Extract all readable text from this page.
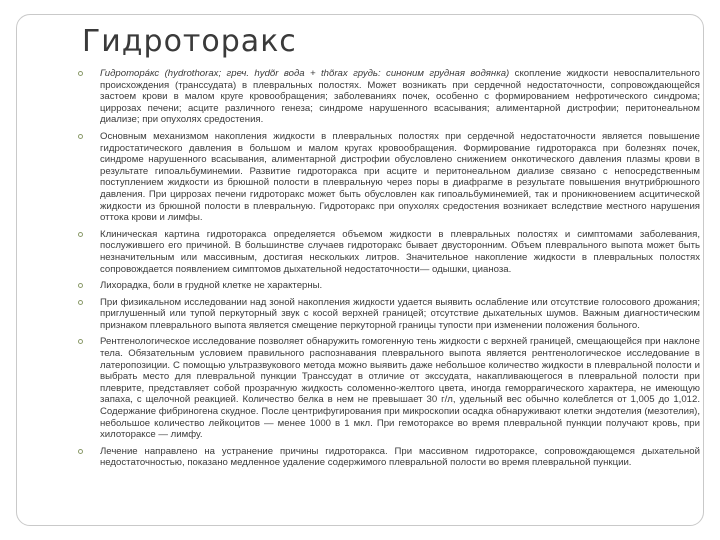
Гидроторакс
Гидроторáкс (hydrothorax; греч. hydõr вода + thõrax грудь: синоним грудная водянка) скопление жидкости невоспалительного происхождения (транссудата) в плевральных полостях. Может возникать при сердечной недостаточности, сопровождающейся застоем крови в малом круге кровообращения; заболеваниях почек, особенно с формированием нефротического синдрома; циррозах печени; асците различного генеза; синдроме нарушенного всасывания; алиментарной дистрофии; перитонеальном диализе; при опухолях средостения.
Основным механизмом накопления жидкости в плевральных полостях при сердечной недостаточности является повышение гидростатического давления в большом и малом кругах кровообращения. Формирование гидроторакса при болезнях почек, синдроме нарушенного всасывания, алиментарной дистрофии обусловлено снижением онкотического давления плазмы крови в результате гипоальбуминемии. Развитие гидроторакса при асците и перитонеальном диализе связано с непосредственным поступлением жидкости из брюшной полости в плевральную через поры в диафрагме в результате повышения внутрибрюшного давления. При циррозах печени гидроторакс может быть обусловлен как гипоальбуминемией, так и проникновением асцитической жидкости из брюшной полости в плевральную. Гидроторакс при опухолях средостения возникает вследствие местного нарушения оттока крови и лимфы.
Клиническая картина гидроторакса определяется объемом жидкости в плевральных полостях и симптомами заболевания, послужившего его причиной. В большинстве случаев гидроторакс бывает двусторонним. Объем плеврального выпота может быть незначительным или массивным, достигая нескольких литров. Значительное накопление жидкости в плевральных полостях сопровождается появлением симптомов дыхательной недостаточности— одышки, цианоза.
Лихорадка, боли в грудной клетке не характерны.
При физикальном исследовании над зоной накопления жидкости удается выявить ослабление или отсутствие голосового дрожания; приглушенный или тупой перкуторный звук с косой верхней границей; отсутствие дыхательных шумов. Важным диагностическим признаком плеврального выпота является смещение перкуторной границы тупости при изменении положения больного.
Рентгенологическое исследование позволяет обнаружить гомогенную тень жидкости с верхней границей, смещающейся при наклоне тела. Обязательным условием правильного распознавания плеврального выпота является рентгенологическое исследование в латеропозиции. С помощью ультразвукового метода можно выявить даже небольшое количество жидкости в плевральной полости и выбрать место для плевральной пункции Транссудат в отличие от экссудата, накапливающегося в плевральной полости при плеврите, представляет собой прозрачную жидкость соломенно-желтого цвета, иногда геморрагического характера, не имеющую запаха, с щелочной реакцией. Количество белка в нем не превышает 30 г/л, удельный вес обычно колеблется от 1,005 до 1,012. Содержание фибриногена скудное. После центрифугирования при микроскопии осадка обнаруживают клетки эндотелия (мезотелия), небольшое количество лейкоцитов — менее 1000 в 1 мкл. При гемотораксе во время плевральной пункции получают кровь, при хилотораксе — лимфу.
Лечение направлено на устранение причины гидроторакса. При массивном гидротораксе, сопровождающемся дыхательной недостаточностью, показано медленное удаление содержимого плевральной полости во время плевральной пункции.
